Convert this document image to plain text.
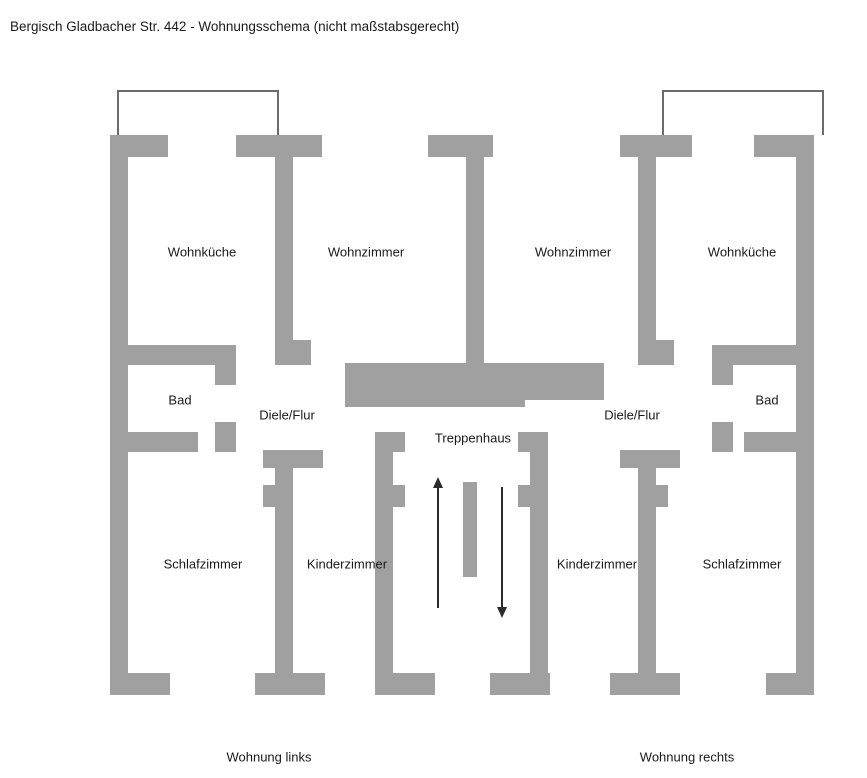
Bergisch Gladbacher Str. 442 - Wohnungsschema (nicht maßstabsgerecht)
Wohnküche	Wohnzimmer	Wohnzimmer	Wohnküche
Bad
Diele/Flur
Treppenhaus
Diele/Flur
Bad
Schlafzimmer	Kinderzimmer	Kinderzimmer	Schlafzimmer
Wohnung links	Wohnung rechts
